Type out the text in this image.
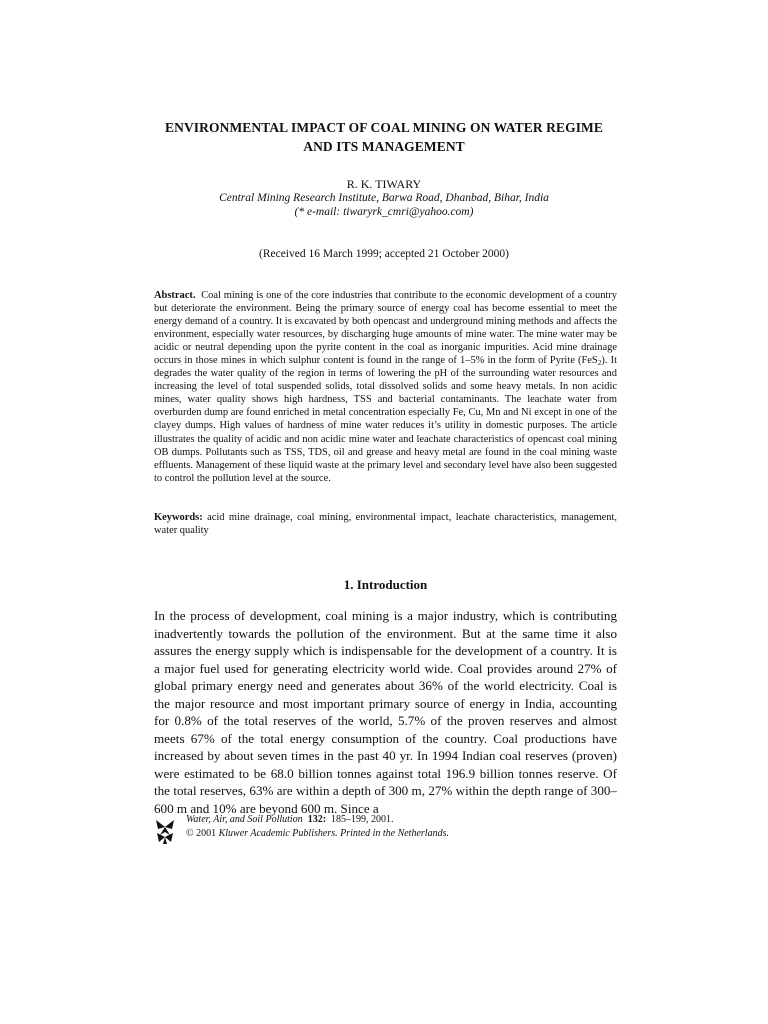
ENVIRONMENTAL IMPACT OF COAL MINING ON WATER REGIME
AND ITS MANAGEMENT
R. K. TIWARY
Central Mining Research Institute, Barwa Road, Dhanbad, Bihar, India
(* e-mail: tiwaryrk_cmri@yahoo.com)
(Received 16 March 1999; accepted 21 October 2000)
Abstract. Coal mining is one of the core industries that contribute to the economic development of a country but deteriorate the environment. Being the primary source of energy coal has become essential to meet the energy demand of a country. It is excavated by both opencast and underground mining methods and affects the environment, especially water resources, by discharging huge amounts of mine water. The mine water may be acidic or neutral depending upon the pyrite content in the coal as inorganic impurities. Acid mine drainage occurs in those mines in which sulphur content is found in the range of 1–5% in the form of Pyrite (FeS$_2$). It degrades the water quality of the region in terms of lowering the pH of the surrounding water resources and increasing the level of total suspended solids, total dissolved solids and some heavy metals. In non acidic mines, water quality shows high hardness, TSS and bacterial contaminants. The leachate water from overburden dump are found enriched in metal concentration especially Fe, Cu, Mn and Ni except in one of the clayey dumps. High values of hardness of mine water reduces it’s utility in domestic purposes. The article illustrates the quality of acidic and non acidic mine water and leachate characteristics of opencast coal mining OB dumps. Pollutants such as TSS, TDS, oil and grease and heavy metal are found in the coal mining waste effluents. Management of these liquid waste at the primary level and secondary level have also been suggested to control the pollution level at the source.
Keywords: acid mine drainage, coal mining, environmental impact, leachate characteristics, management, water quality
1. Introduction
In the process of development, coal mining is a major industry, which is contributing inadvertently towards the pollution of the environment. But at the same time it also assures the energy supply which is indispensable for the development of a country. It is a major fuel used for generating electricity world wide. Coal provides around 27% of global primary energy need and generates about 36% of the world electricity. Coal is the major resource and most important primary source of energy in India, accounting for 0.8% of the total reserves of the world, 5.7% of the proven reserves and almost meets 67% of the total energy consumption of the country. Coal productions have increased by about seven times in the past 40 yr. In 1994 Indian coal reserves (proven) were estimated to be 68.0 billion tonnes against total 196.9 billion tonnes reserve. Of the total reserves, 63% are within a depth of 300 m, 27% within the depth range of 300–600 m and 10% are beyond 600 m. Since a
Water, Air, and Soil Pollution 132: 185–199, 2001.
© 2001 Kluwer Academic Publishers. Printed in the Netherlands.
